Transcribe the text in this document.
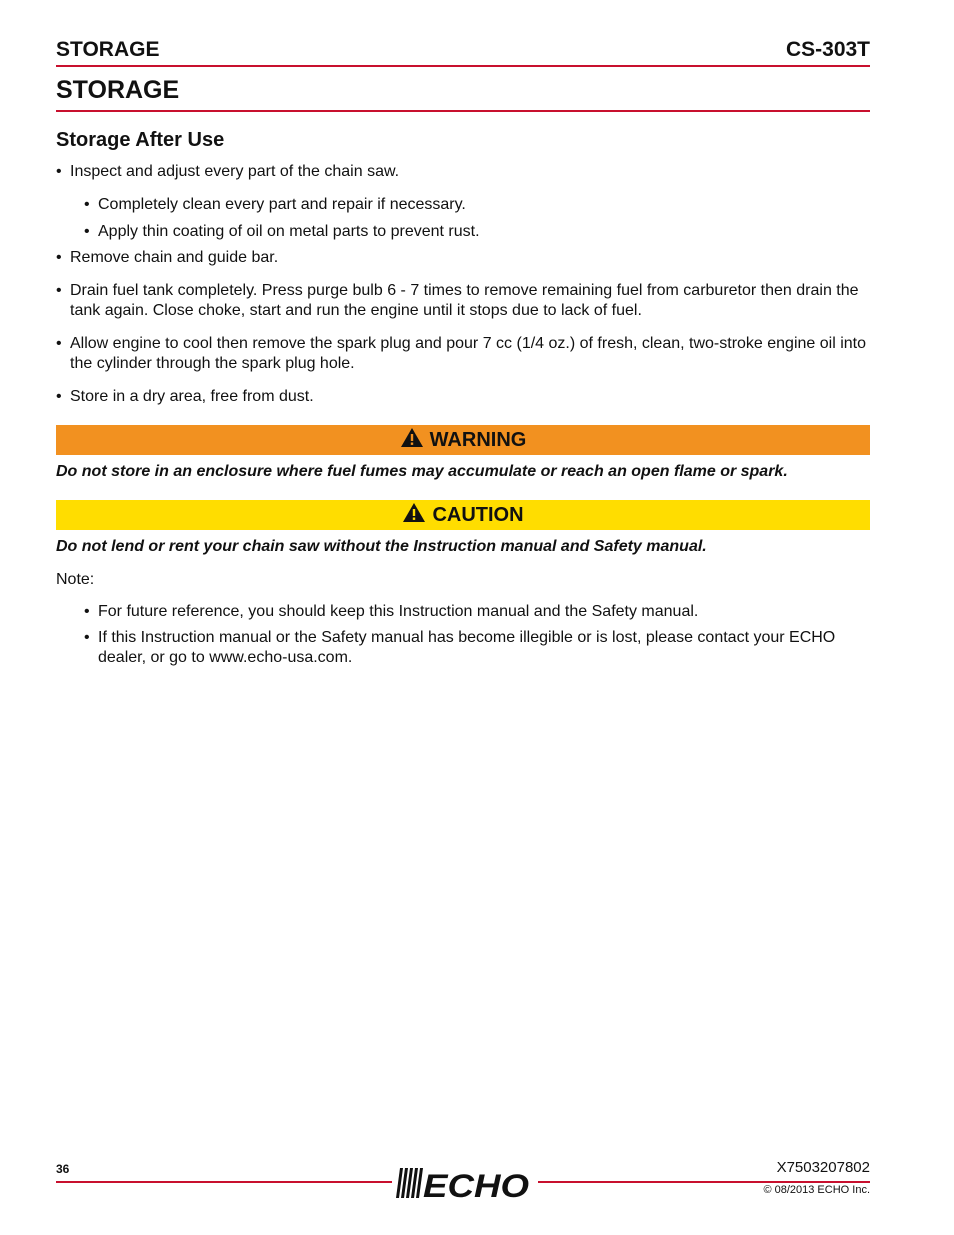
STORAGE	CS-303T
STORAGE
Storage After Use
• Inspect and adjust every part of the chain saw.
• Completely clean every part and repair if necessary.
• Apply thin coating of oil on metal parts to prevent rust.
• Remove chain and guide bar.
• Drain fuel tank completely. Press purge bulb 6 - 7 times to remove remaining fuel from carburetor then drain the tank again. Close choke, start and run the engine until it stops due to lack of fuel.
• Allow engine to cool then remove the spark plug and pour 7 cc (1/4 oz.) of fresh, clean, two-stroke engine oil into the cylinder through the spark plug hole.
• Store in a dry area, free from dust.
WARNING
Do not store in an enclosure where fuel fumes may accumulate or reach an open flame or spark.
CAUTION
Do not lend or rent your chain saw without the Instruction manual and Safety manual.
Note:
• For future reference, you should keep this Instruction manual and the Safety manual.
• If this Instruction manual or the Safety manual has become illegible or is lost, please contact your ECHO dealer, or go to www.echo-usa.com.
36	ECHO
X7503207802
© 08/2013 ECHO Inc.
